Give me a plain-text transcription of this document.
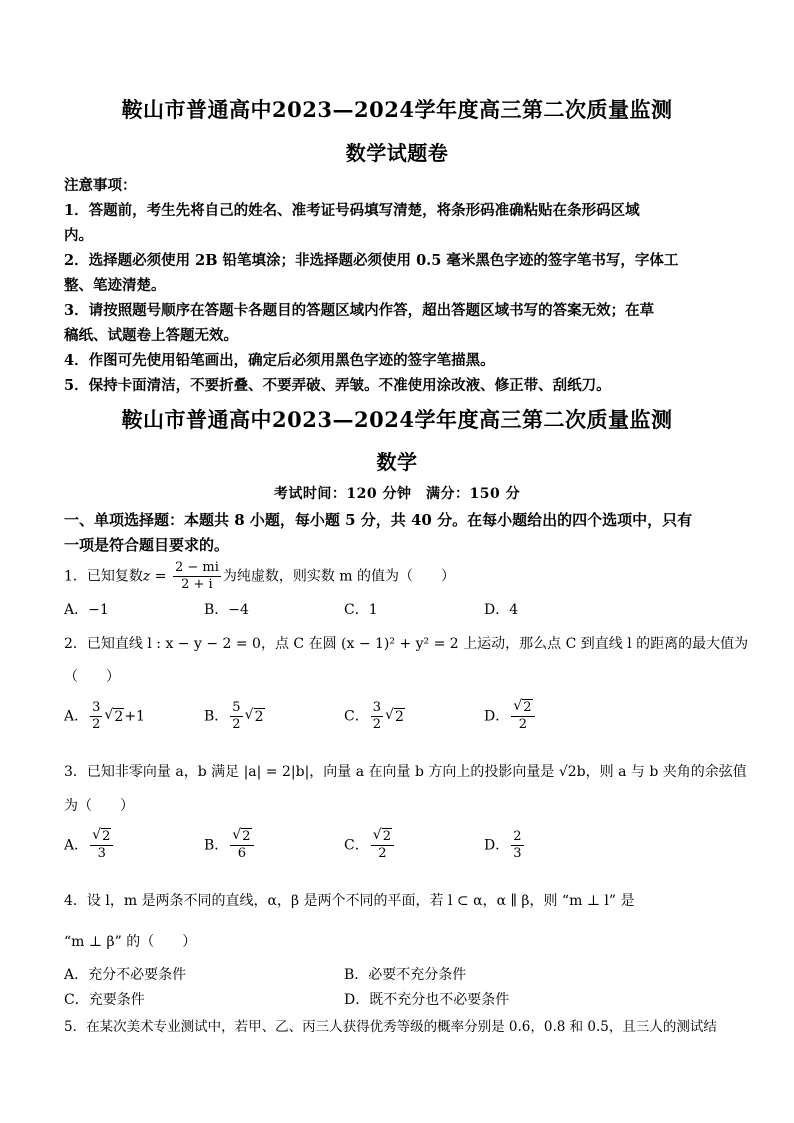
鞍山市普通高中2023—2024学年度高三第二次质量监测
数学试题卷
注意事项：
1．答题前，考生先将自己的姓名、准考证号码填写清楚，将条形码准确粘贴在条形码区域
内。
2．选择题必须使用 2B 铅笔填涂；非选择题必须使用 0.5 毫米黑色字迹的签字笔书写，字体工
整、笔迹清楚。
3．请按照题号顺序在答题卡各题目的答题区域内作答，超出答题区域书写的答案无效；在草
稿纸、试题卷上答题无效。
4．作图可先使用铅笔画出，确定后必须用黑色字迹的签字笔描黑。
5．保持卡面清洁，不要折叠、不要弄破、弄皱。不准使用涂改液、修正带、刮纸刀。
鞍山市普通高中2023—2024学年度高三第二次质量监测
数学
考试时间：120 分钟　满分：150 分
一、单项选择题：本题共 8 小题，每小题 5 分，共 40 分。在每小题给出的四个选项中，只有
一项是符合题目要求的。
1．已知复数$z = \frac{2 - mi}{2 + i}$ 为纯虚数，则实数 m 的值为（　　）
A．−1	B．−4	C．1	D．4
2．已知直线 l : x − y − 2 = 0，点 C 在圆 (x − 1)² + y² = 2 上运动，那么点 C 到直线 l 的距离的最大值为
（　　）
A． $\frac{3}{2}$ √ 2+1	B． $\frac{5}{2}$ √ 2	C． $\frac{3}{2}$ √ 2	D． √ $\frac{2}{2}$
3．已知非零向量 a，b 满足 |a| = 2|b|，向量 a 在向量 b 方向上的投影向量是 √2b，则 a 与 b 夹角的余弦值
为（　　）
A． √ $\frac{2}{3}$	B． √ $\frac{2}{6}$	C． √ $\frac{2}{2}$	D． $\frac{2}{3}$
4．设 l，m 是两条不同的直线，α，β 是两个不同的平面，若 l ⊂ α，α ∥ β，则 “m ⊥ l” 是
“m ⊥ β” 的（　　）
A．充分不必要条件	B．必要不充分条件
C．充要条件	D．既不充分也不必要条件
5．在某次美术专业测试中，若甲、乙、丙三人获得优秀等级的概率分别是 0.6，0.8 和 0.5，且三人的测试结
